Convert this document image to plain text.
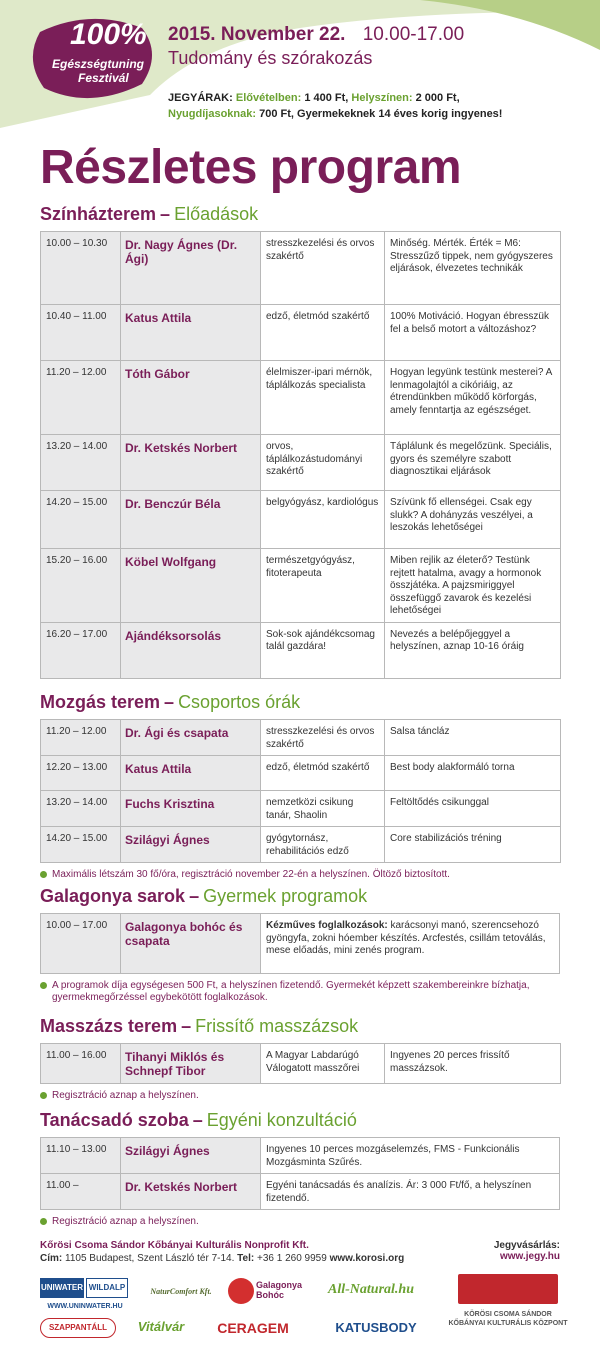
100%
Egészségtuning
Fesztivál
2015. November 22. 10.00-17.00
Tudomány és szórakozás
JEGYÁRAK: Elővételben: 1 400 Ft, Helyszínen: 2 000 Ft,
Nyugdíjasoknak: 700 Ft, Gyermekeknek 14 éves korig ingyenes!
Részletes program
Színházterem – Előadások
10.00 – 10.30	Dr. Nagy Ágnes (Dr. Ági)	stresszkezelési és orvos szakértő	Minőség. Mérték. Érték = M6: Stresszűző tippek, nem gyógyszeres eljárások, élvezetes technikák
10.40 – 11.00	Katus Attila	edző, életmód szakértő	100% Motiváció. Hogyan ébresszük fel a belső motort a változáshoz?
11.20 – 12.00	Tóth Gábor	élelmiszer-ipari mérnök, táplálkozás specialista	Hogyan legyünk testünk mesterei? A lenmagolajtól a cikóriáig, az étrendünkben működő körforgás, amely fenntartja az egészséget.
13.20 – 14.00	Dr. Ketskés Norbert	orvos, táplálkozástudományi szakértő	Táplálunk és megelőzünk. Speciális, gyors és személyre szabott diagnosztikai eljárások
14.20 – 15.00	Dr. Benczúr Béla	belgyógyász, kardiológus	Szívünk fő ellenségei. Csak egy slukk? A dohányzás veszélyei, a leszokás lehetőségei
15.20 – 16.00	Köbel Wolfgang	természetgyógyász, fitoterapeuta	Miben rejlik az életerő? Testünk rejtett hatalma, avagy a hormonok összjátéka. A pajzsmiriggyel összefüggő zavarok és kezelési lehetőségei
16.20 – 17.00	Ajándéksorsolás	Sok-sok ajándékcsomag talál gazdára!	Nevezés a belépőjeggyel a helyszínen, aznap 10-16 óráig
Mozgás terem – Csoportos órák
11.20 – 12.00	Dr. Ági és csapata	stresszkezelési és orvos szakértő	Salsa táncláz
12.20 – 13.00	Katus Attila	edző, életmód szakértő	Best body alakformáló torna
13.20 – 14.00	Fuchs Krisztina	nemzetközi csikung tanár, Shaolin	Feltöltődés csikunggal
14.20 – 15.00	Szilágyi Ágnes	gyógytornász, rehabilitációs edző	Core stabilizációs tréning
Maximális létszám 30 fő/óra, regisztráció november 22-én a helyszínen. Öltöző biztosított.
Galagonya sarok – Gyermek programok
10.00 – 17.00	Galagonya bohóc és csapata	Kézműves foglalkozások: karácsonyi manó, szerencsehozó gyöngyfa, zokni hóember készítés. Arcfestés, csillám tetoválás, mese előadás, mini zenés program.
A programok díja egységesen 500 Ft, a helyszínen fizetendő. Gyermekét képzett szakembereinkre bízhatja, gyermekmegőrzéssel egybekötött foglalkozások.
Masszázs terem – Frissítő masszázsok
11.00 – 16.00	Tihanyi Miklós és Schnepf Tibor	A Magyar Labdarúgó Válogatott masszőrei	Ingyenes 20 perces frissítő masszázsok.
Regisztráció aznap a helyszínen.
Tanácsadó szoba – Egyéni konzultáció
11.10 – 13.00	Szilágyi Ágnes	Ingyenes 10 perces mozgáselemzés, FMS - Funkcionális Mozgásminta Szűrés.
11.00 –	Dr. Ketskés Norbert	Egyéni tanácsadás és analízis. Ár: 3 000 Ft/fő, a helyszínen fizetendő.
Regisztráció aznap a helyszínen.
Kőrösi Csoma Sándor Kőbányai Kulturális Nonprofit Kft.
Cím: 1105 Budapest, Szent László tér 7-14. Tel: +36 1 260 9959 www.korosi.org
Jegyvásárlás:
www.jegy.hu
UNIWATER WILDALP
WWW.UNINWATER.HU
NaturComfort Kft.
Galagonya Bohóc	All-Natural.hu
KÖRÖSI CSOMA SÁNDOR KŐBÁNYAI KULTURÁLIS KÖZPONT
SZAPPANTÁLL	Vitálvár	CERAGEM	KATUSBODY
